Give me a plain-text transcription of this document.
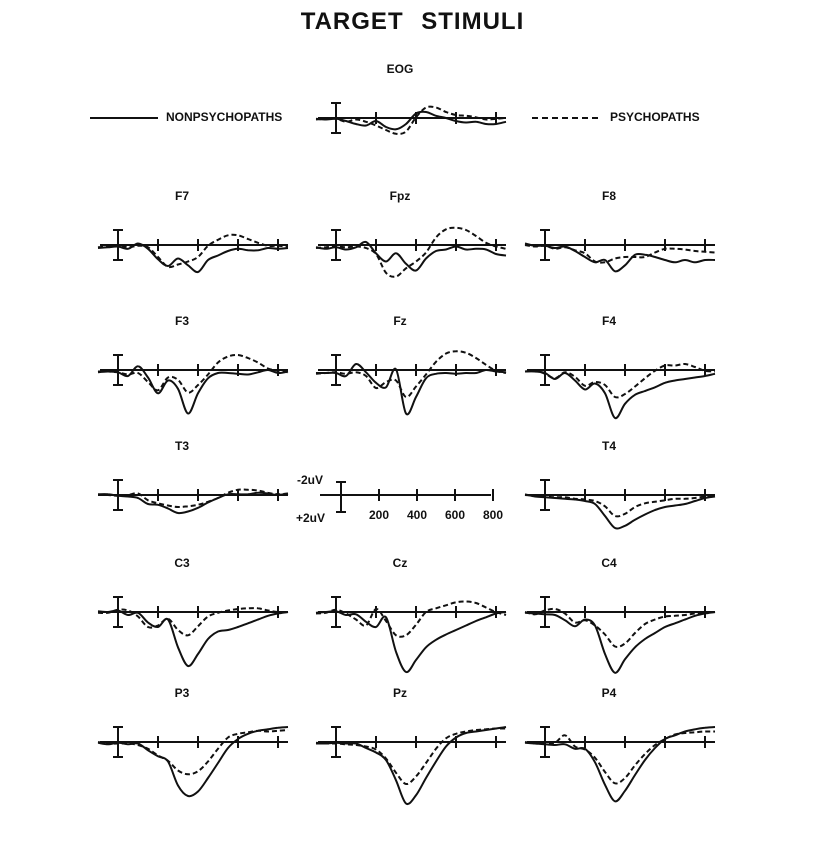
TARGET STIMULI
NONPSYCHOPATHS	PSYCHOPATHS
-2uV
+2uV	200 400 600 800
EOG
F7	Fpz	F8
F3	Fz	F4
T3	T4
C3	Cz	C4
P3	Pz	P4
